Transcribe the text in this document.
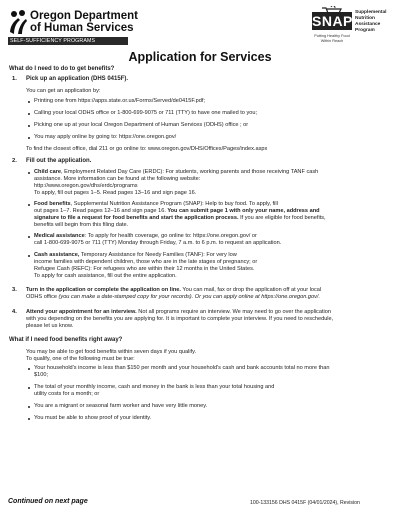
Oregon Department
of Human Services
SELF-SUFFICIENCY PROGRAMS
SNAP
Supplemental
Nutrition
Assistance
Program
Putting Healthy Food Within Reach
Application for Services
What do I need to do to get benefits?
1. Pick up an application (DHS 0415F).
You can get an application by:
Printing one from https://apps.state.or.us/Forms/Served/de0415F.pdf;
Calling your local ODHS office or 1-800-699-9075 or 711 (TTY) to have one mailed to you;
Picking one up at your local Oregon Department of Human Services (ODHS) office ; or
You may apply online by going to: https://one.oregon.gov/
To find the closest office, dial 211 or go online to: www.oregon.gov/DHS/Offices/Pages/index.aspx
2. Fill out the application.
Child care, Employment Related Day Care (ERDC): For students, working parents and those receiving TANF cash
assistance. More information can be found at the following website:
http://www.oregon.gov/dhs/erdc/programs
To apply, fill out pages 1–5. Read pages 13–16 and sign page 16.
Food benefits, Supplemental Nutrition Assistance Program (SNAP): Help to buy food. To apply, fill
out pages 1–7. Read pages 12–16 and sign page 16. You can submit page 1 with only your name, address and
signature to file a request for food benefits and start the application process. If you are eligible for food benefits,
benefits will begin from this filing date.
Medical assistance: To apply for health coverage, go online to: https://one.oregon.gov/ or
call 1-800-699-9075 or 711 (TTY) Monday through Friday, 7 a.m. to 6 p.m. to request an application.
Cash assistance, Temporary Assistance for Needy Families (TANF): For very low
income families with dependent children, those who are in the late stages of pregnancy; or
Refugee Cash (REFC): For refugees who are within their 12 months in the United States.
To apply for cash assistance, fill out the entire application.
3. Turn in the application or complete the application on line. You can mail, fax or drop the application off at your local
ODHS office (you can make a date-stamped copy for your records). Or you can apply online at https://one.oregon.gov/.
4. Attend your appointment for an interview. Not all programs require an interview. We may need to go over the application
with you depending on the benefits you are applying for. It is important to complete your interview. If you need to reschedule,
please let us know.
What if I need food benefits right away?
You may be able to get food benefits within seven days if you qualify.
To qualify, one of the following must be true:
Your household's income is less than $150 per month and your household's cash and bank accounts total no more than
$100;
The total of your monthly income, cash and money in the bank is less than your total housing and
utility costs for a month; or
You are a migrant or seasonal farm worker and have very little money.
You must be able to show proof of your identity.
Continued on next page	100-133156 DHS 0415F (04/01/2024), Revision
